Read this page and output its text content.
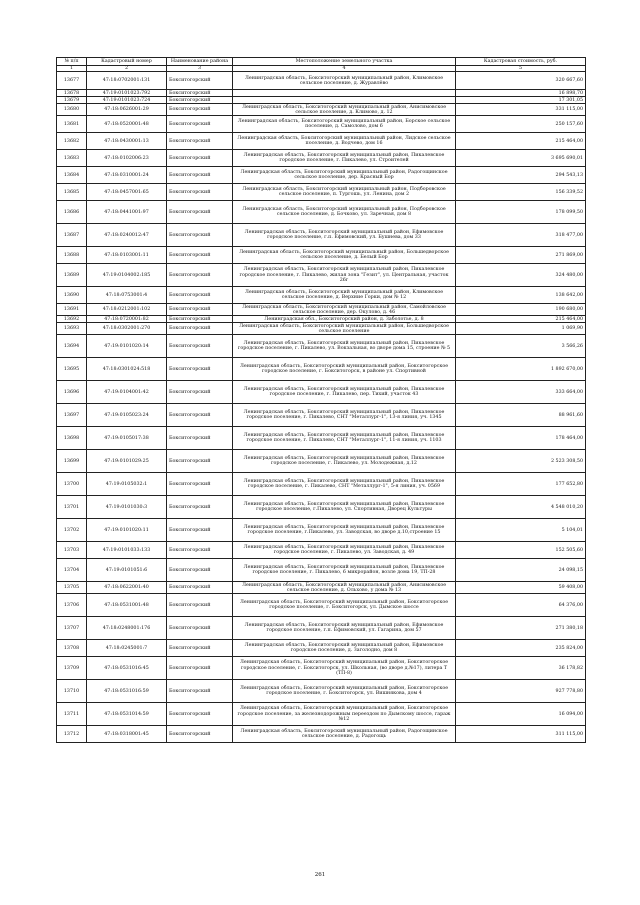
№ п/п	Кадастровый номер	Наименование района	Местоположение земельного участка	Кадастровая стоимость, руб.
1	2	3	4	5
13677	47:18:0702001:131	Бокситогорский	Ленинградская область, Бокситогорский муниципальный район, Климовское сельское поселение, д. Журавлёво	320 667,60
13678	47:19:0101023:792	Бокситогорский		16 898,70
13679	47:19:0101023:724	Бокситогорский		17 301,05
13680	47:18:0626001:29	Бокситогорский	Ленинградская область, Бокситогорский муниципальный район, Анисимовское сельское поселение, д. Климово, д. 12	331 115,00
13681	47:18:0520001:48	Бокситогорский	Ленинградская область, Бокситогорский муниципальный район, Борское сельское поселение, д. Самолово, дом 6	250 157,60
13682	47:18:0430001:13	Бокситогорский	Ленинградская область, Бокситогорский муниципальный район, Лидское сельское поселение, д. Водчево, дом 16	215 464,00
13683	47:18:0102006:23	Бокситогорский	Ленинградская область, Бокситогорский муниципальный район, Пикалевское городское поселение, г. Пикалево, ул. Строителей	3 695 690,01
13684	47:18:0310001:24	Бокситогорский	Ленинградская область, Бокситогорский муниципальный район, Радогощинское сельское поселение, дер. Красный Бор	294 543,13
13685	47:18:0457001:65	Бокситогорский	Ленинградская область, Бокситогорский муниципальный район, Подборовское сельское поселение, п. Тургошь, ул. Ленина, дом 2	156 339,52
13686	47:18:0441001:97	Бокситогорский	Ленинградская область, Бокситогорский муниципальный район, Подборовское сельское поселение, д. Бочково, ул. Заречная, дом 8	178 099,50
13687	47:18:0240012:47	Бокситогорский	Ленинградская область, Бокситогорский муниципальный район, Ефимовское городское поселение, г.п. Ефимовский, ул. Бушнева, дом 33	318 477,00
13688	47:18:0103001:11	Бокситогорский	Ленинградская область, Бокситогорский муниципальный район, Большедворское сельское поселение, д. Белый Бор	271 869,00
13689	47:19:0104002:185	Бокситогорский	Ленинградская область, Бокситогорский муниципальный район, Пикалевское городское поселение, г. Пикалево, жилая зона "Гезит", ул. Центральная, участок 26г	324 480,00
13690	47:18:0753001:4	Бокситогорский	Ленинградская область, Бокситогорский муниципальный район, Климовское сельское поселение, д. Верхние Горки, дом № 12	138 642,00
13691	47:18:0212001:102	Бокситогорский	Ленинградская область, Бокситогорский муниципальный район, Самойловское сельское поселение, дер. Окулово, д. 46	190 680,00
13692	47:18:0720001:82	Бокситогорский	Ленинградская обл., Бокситогорский район, д. Заболотье, д. 8	215 464,00
13693	47:18:0302001:270	Бокситогорский	Ленинградская область, Бокситогорский муниципальный район, Большедворское сельское поселение	1 069,90
13694	47:19:0101020:14	Бокситогорский	Ленинградская область, Бокситогорский муниципальный район, Пикалевское городское поселение, г. Пикалево, ул. Вокзальная, во дворе дома 15, строение № 5	3 566,26
13695	47:18:0301024:518	Бокситогорский	Ленинградская область, Бокситогорский муниципальный район, Бокситогорское городское поселение, г. Бокситогорск, в районе ул. Спортивной	1 892 670,00
13696	47:19:0104001:42	Бокситогорский	Ленинградская область, Бокситогорский муниципальный район, Пикалевское городское поселение, г. Пикалево, пер. Тихий, участок 43	333 664,00
13697	47:19:0105023:24	Бокситогорский	Ленинградская область, Бокситогорский муниципальный район, Пикалевское городское поселение, г. Пикалево, СНТ "Металлург-1", 13-я линия, уч. 1345	88 961,60
13698	47:19:0105017:38	Бокситогорский	Ленинградская область, Бокситогорский муниципальный район, Пикалевское городское поселение, г. Пикалево, СНТ "Металлург-1", 11-я линия, уч. 1103	178 464,00
13699	47:19:0101029:25	Бокситогорский	Ленинградская область, Бокситогорский муниципальный район, Пикалевское городское поселение, г. Пикалево, ул. Молодежная, д.12	2 523 308,50
13700	47:19:0105032:1	Бокситогорский	Ленинградская область, Бокситогорский муниципальный район, Пикалевское городское поселение, г. Пикалево, СНТ "Металлург-1", 5-я линия, уч. 0569	177 652,80
13701	47:19:0101030:3	Бокситогорский	Ленинградская область, Бокситогорский муниципальный район, Пикалевское городское поселение, г.Пикалево, ул. Спортивная, Дворец Культуры	4 548 010,20
13702	47:19:0101020:11	Бокситогорский	Ленинградская область, Бокситогорский муниципальный район, Пикалевское городское поселение, г.Пикалево, ул. Заводская, во дворе д.10,строение 15	5 104,01
13703	47:19:0101033:133	Бокситогорский	Ленинградская область, Бокситогорский муниципальный район, Пикалевское городское поселение, г. Пикалево, ул. Заводская, д. 49	152 505,60
13704	47:19:0101051:6	Бокситогорский	Ленинградская область, Бокситогорский муниципальный район, Пикалевское городское поселение, г. Пикалево, 6 микрорайон, возле дома 19, ТП-28	24 098,15
13705	47:18:0622001:40	Бокситогорский	Ленинградская область, Бокситогорский муниципальный район, Анисимовское сельское поселение, д. Ольхово, у дома № 13	59 408,00
13706	47:18:0531001:48	Бокситогорский	Ленинградская область, Бокситогорский муниципальный район, Бокситогорское городское поселение, г. Бокситогорск, ул. Дымское шоссе	64 376,00
13707	47:18:0248001:176	Бокситогорский	Ленинградская область, Бокситогорский муниципальный район, Ефимовское городское поселение, г.п. Ефимовский, ул. Гагарина, дом 57	271 380,18
13708	47:18:0245001:7	Бокситогорский	Ленинградская область, Бокситогорский муниципальный район, Ефимовское городское поселение, д. Заголодно, дом 8	235 824,00
13709	47:18:0531016:45	Бокситогорский	Ленинградская область, Бокситогорский муниципальный район, Бокситогорское городское поселение, г. Бокситогорск, ул. Школьная, (во дворе д.№17), литера Т (ТП-8)	36 178,82
13710	47:18:0531016:59	Бокситогорский	Ленинградская область, Бокситогорский муниципальный район, Бокситогорское городское поселение, г. Бокситогорск, ул. Вишнякова, дом 4	927 778,80
13711	47:18:0531014:59	Бокситогорский	Ленинградская область, Бокситогорский муниципальный район, Бокситогорское городское поселение, за железнодорожным переездом по Дымскому шоссе, гараж №12	16 094,00
13712	47:18:0318001:45	Бокситогорский	Ленинградская область, Бокситогорский муниципальный район, Радогощинское сельское поселение, д. Радогощь	311 115,00
261
